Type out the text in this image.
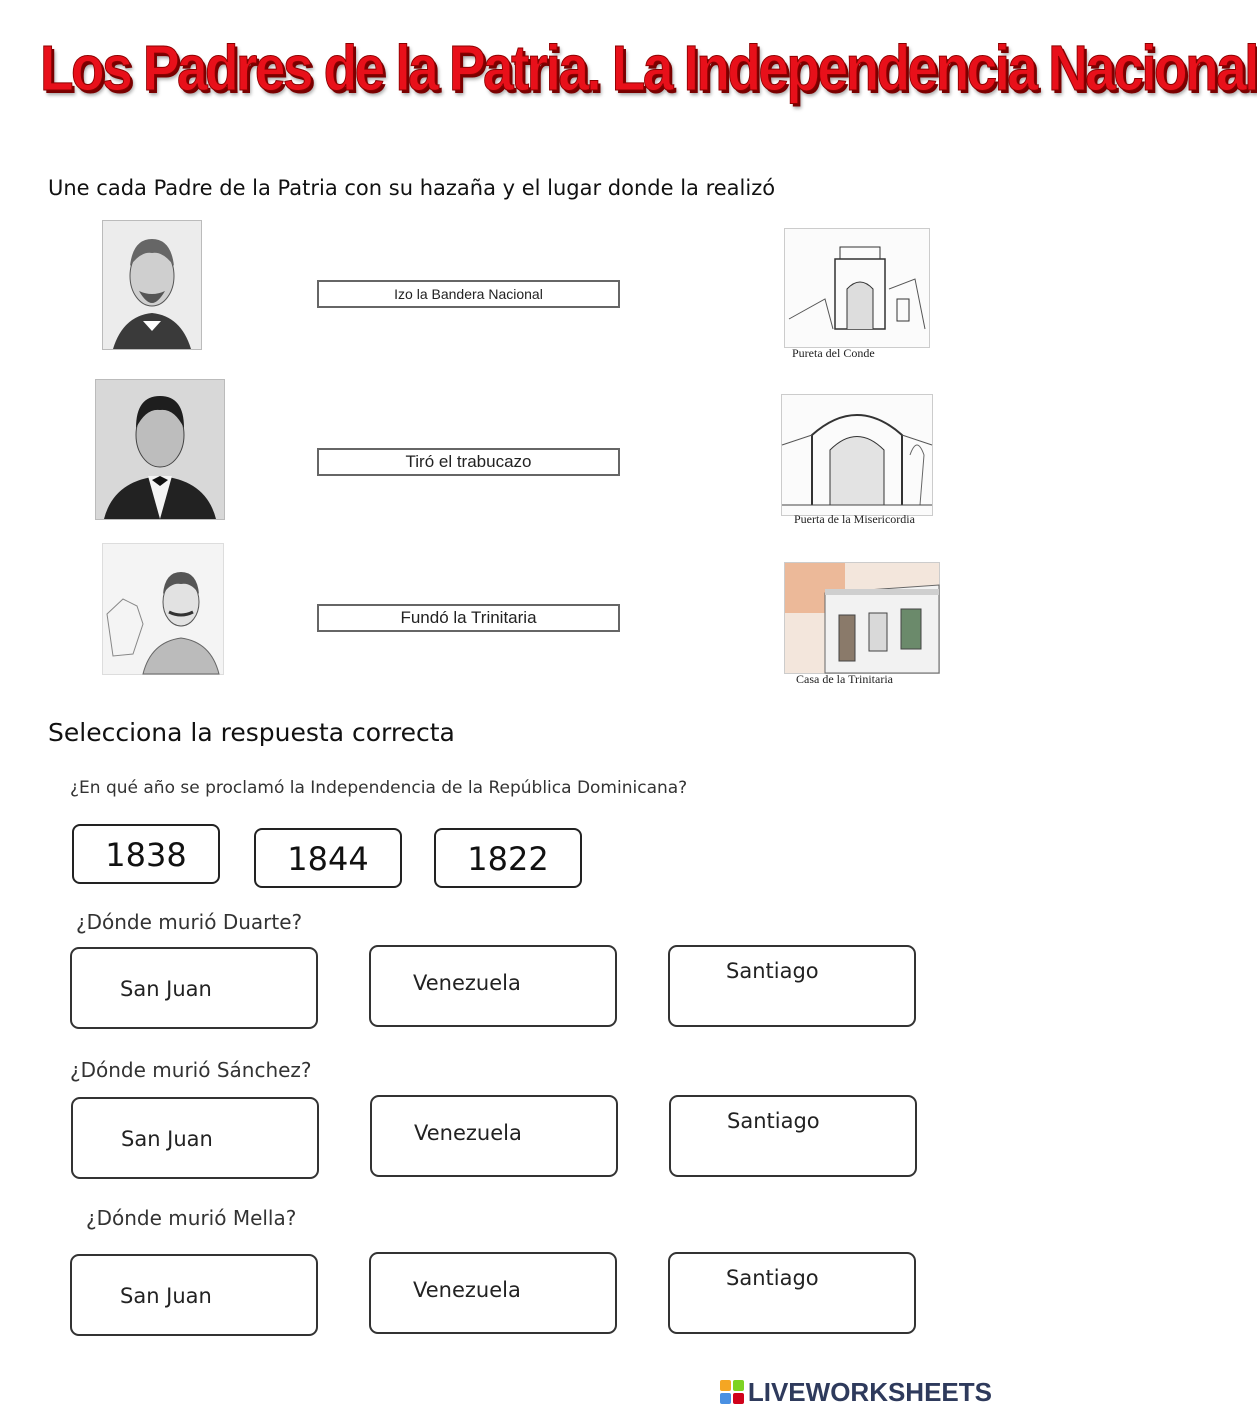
Los Padres de la Patria. La Independencia Nacional
Une cada Padre de la Patria con su hazaña y el lugar donde la realizó
Izo la Bandera Nacional
Tiró el trabucazo
Fundó la Trinitaria
Pureta del Conde
Puerta de la Misericordia
Casa de la Trinitaria
Selecciona la respuesta correcta
¿En qué año se proclamó la Independencia de la República Dominicana?
1838	1844	1822
¿Dónde murió Duarte?
San Juan	Venezuela	Santiago
¿Dónde murió Sánchez?
San Juan	Venezuela	Santiago
¿Dónde murió Mella?
San Juan	Venezuela	Santiago
LIVEWORKSHEETS
